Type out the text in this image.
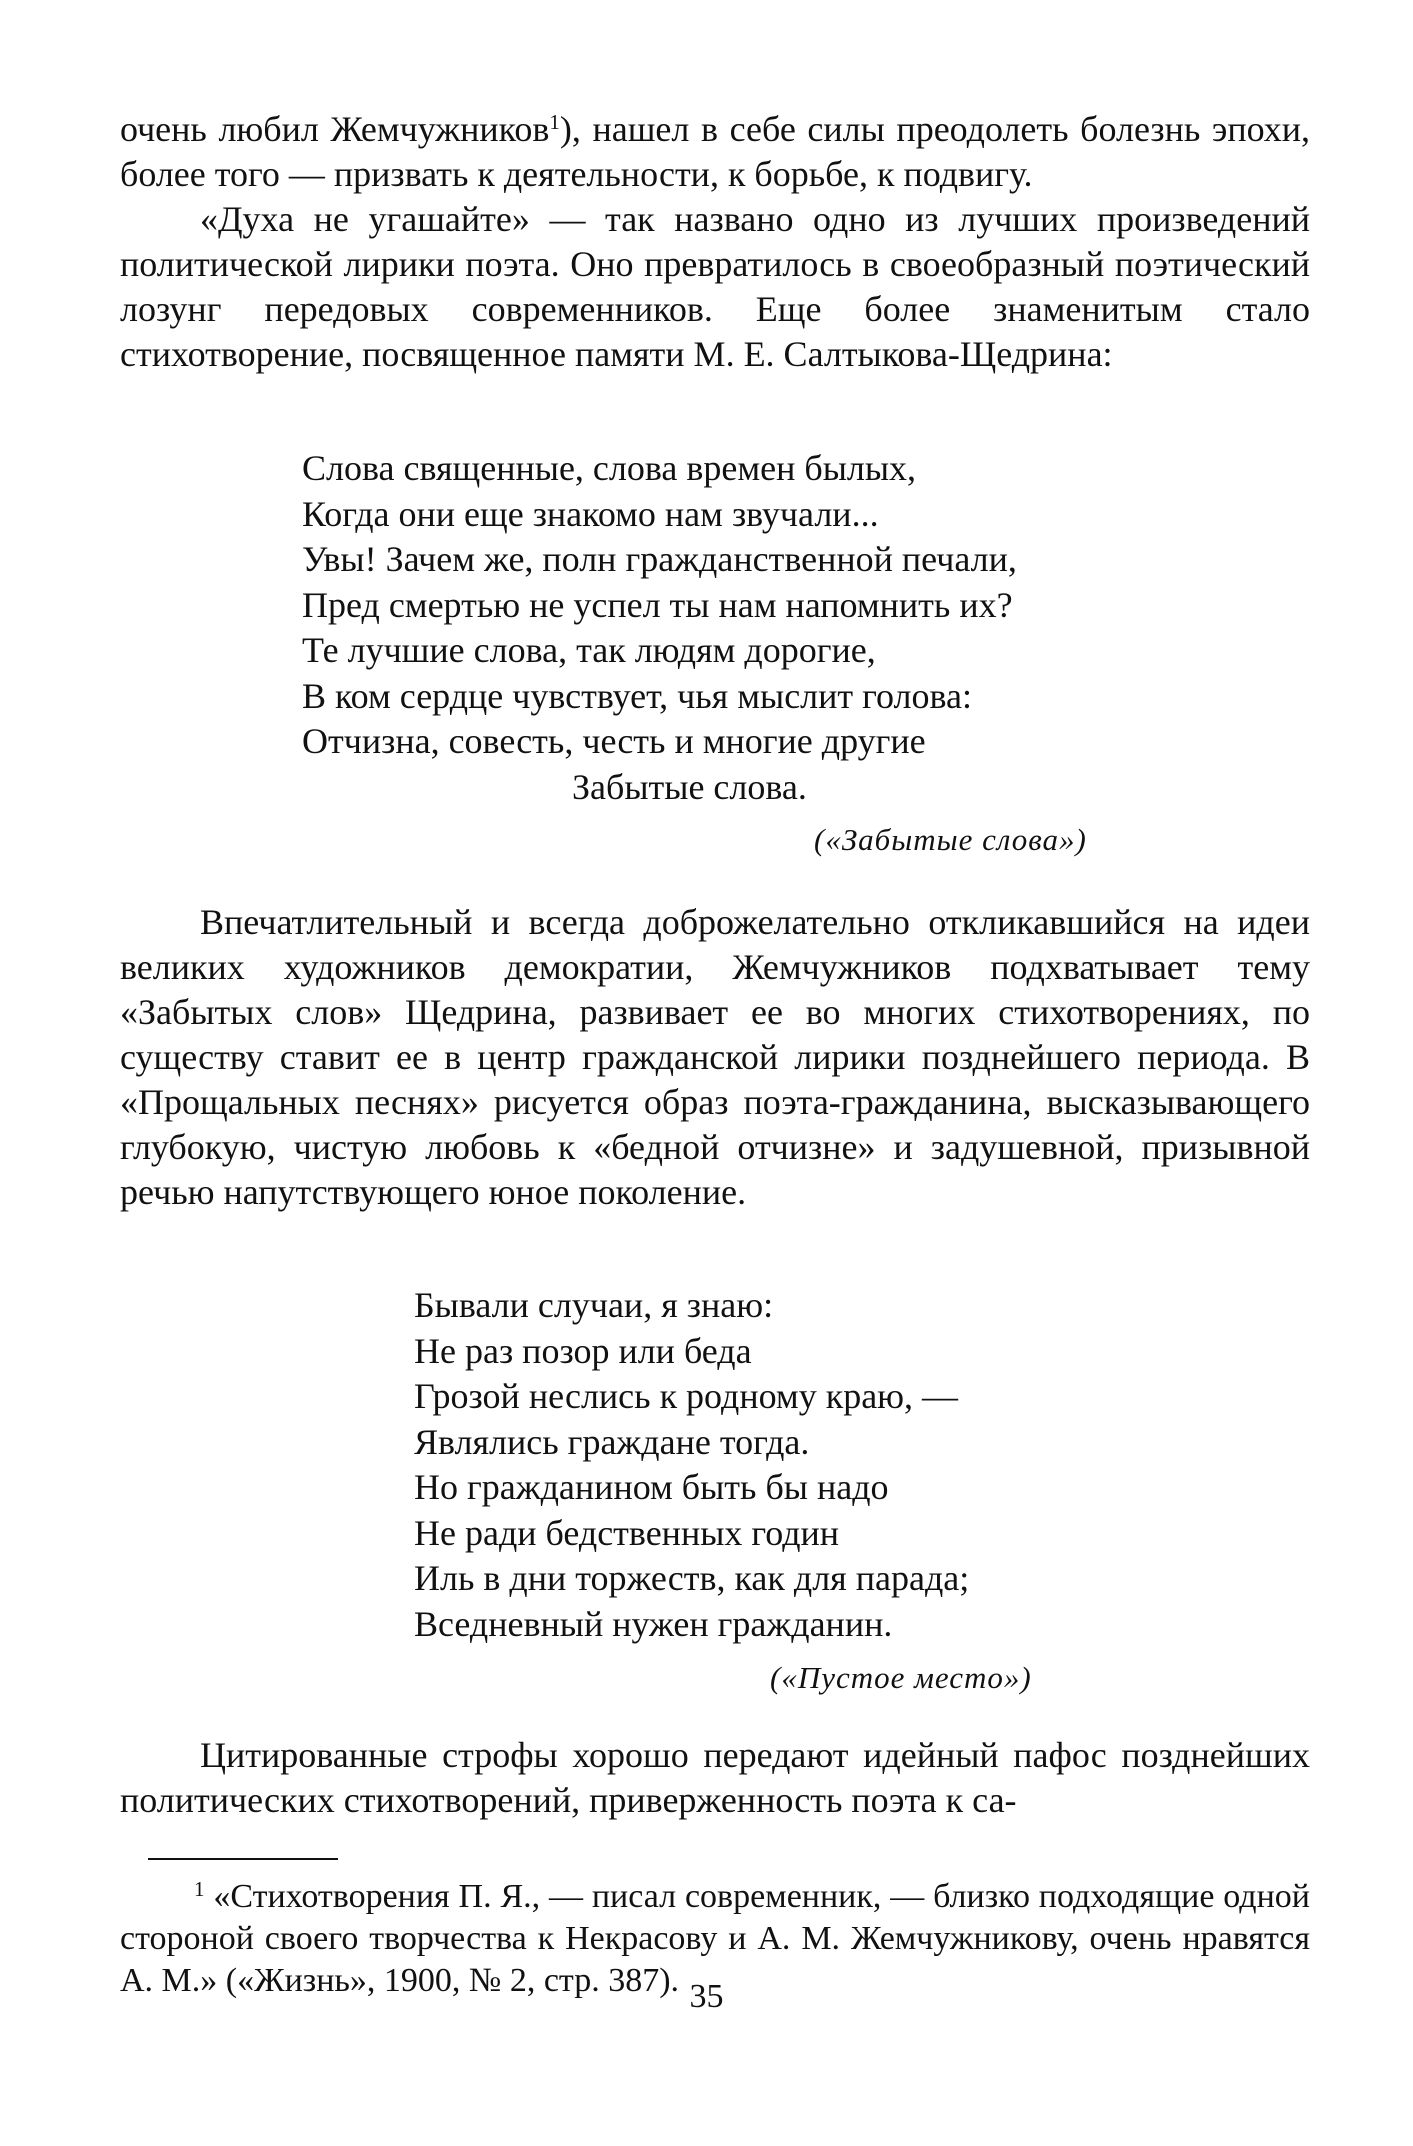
очень любил Жемчужников$^1$), нашел в себе силы преодолеть болезнь эпохи, более того — призвать к деятельности, к борьбе, к подвигу.

«Духа не угашайте» — так названо одно из лучших произведений политической лирики поэта. Оно превратилось в своеобразный поэтический лозунг передовых современников. Еще более знаменитым стало стихотворение, посвященное памяти М. Е. Салтыкова-Щедрина:

Слова священные, слова времен былых,
Когда они еще знакомо нам звучали...
Увы! Зачем же, полн гражданственной печали,
Пред смертью не успел ты нам напомнить их?
Те лучшие слова, так людям дорогие,
В ком сердце чувствует, чья мыслит голова:
Отчизна, совесть, честь и многие другие
Забытые слова.
(«Забытые слова»)

Впечатлительный и всегда доброжелательно откликавшийся на идеи великих художников демократии, Жемчужников подхватывает тему «Забытых слов» Щедрина, развивает ее во многих стихотворениях, по существу ставит ее в центр гражданской лирики позднейшего периода. В «Прощальных песнях» рисуется образ поэта-гражданина, высказывающего глубокую, чистую любовь к «бедной отчизне» и задушевной, призывной речью напутствующего юное поколение.

Бывали случаи, я знаю:
Не раз позор или беда
Грозой неслись к родному краю, —
Являлись граждане тогда.
Но гражданином быть бы надо
Не ради бедственных годин
Иль в дни торжеств, как для парада;
Вседневный нужен гражданин.
(«Пустое место»)

Цитированные строфы хорошо передают идейный пафос позднейших политических стихотворений, приверженность поэта к са-

$^1$ «Стихотворения П. Я., — писал современник, — близко подходящие одной стороной своего творчества к Некрасову и А. М. Жемчужникову, очень нравятся А. М.» («Жизнь», 1900, № 2, стр. 387). 35
